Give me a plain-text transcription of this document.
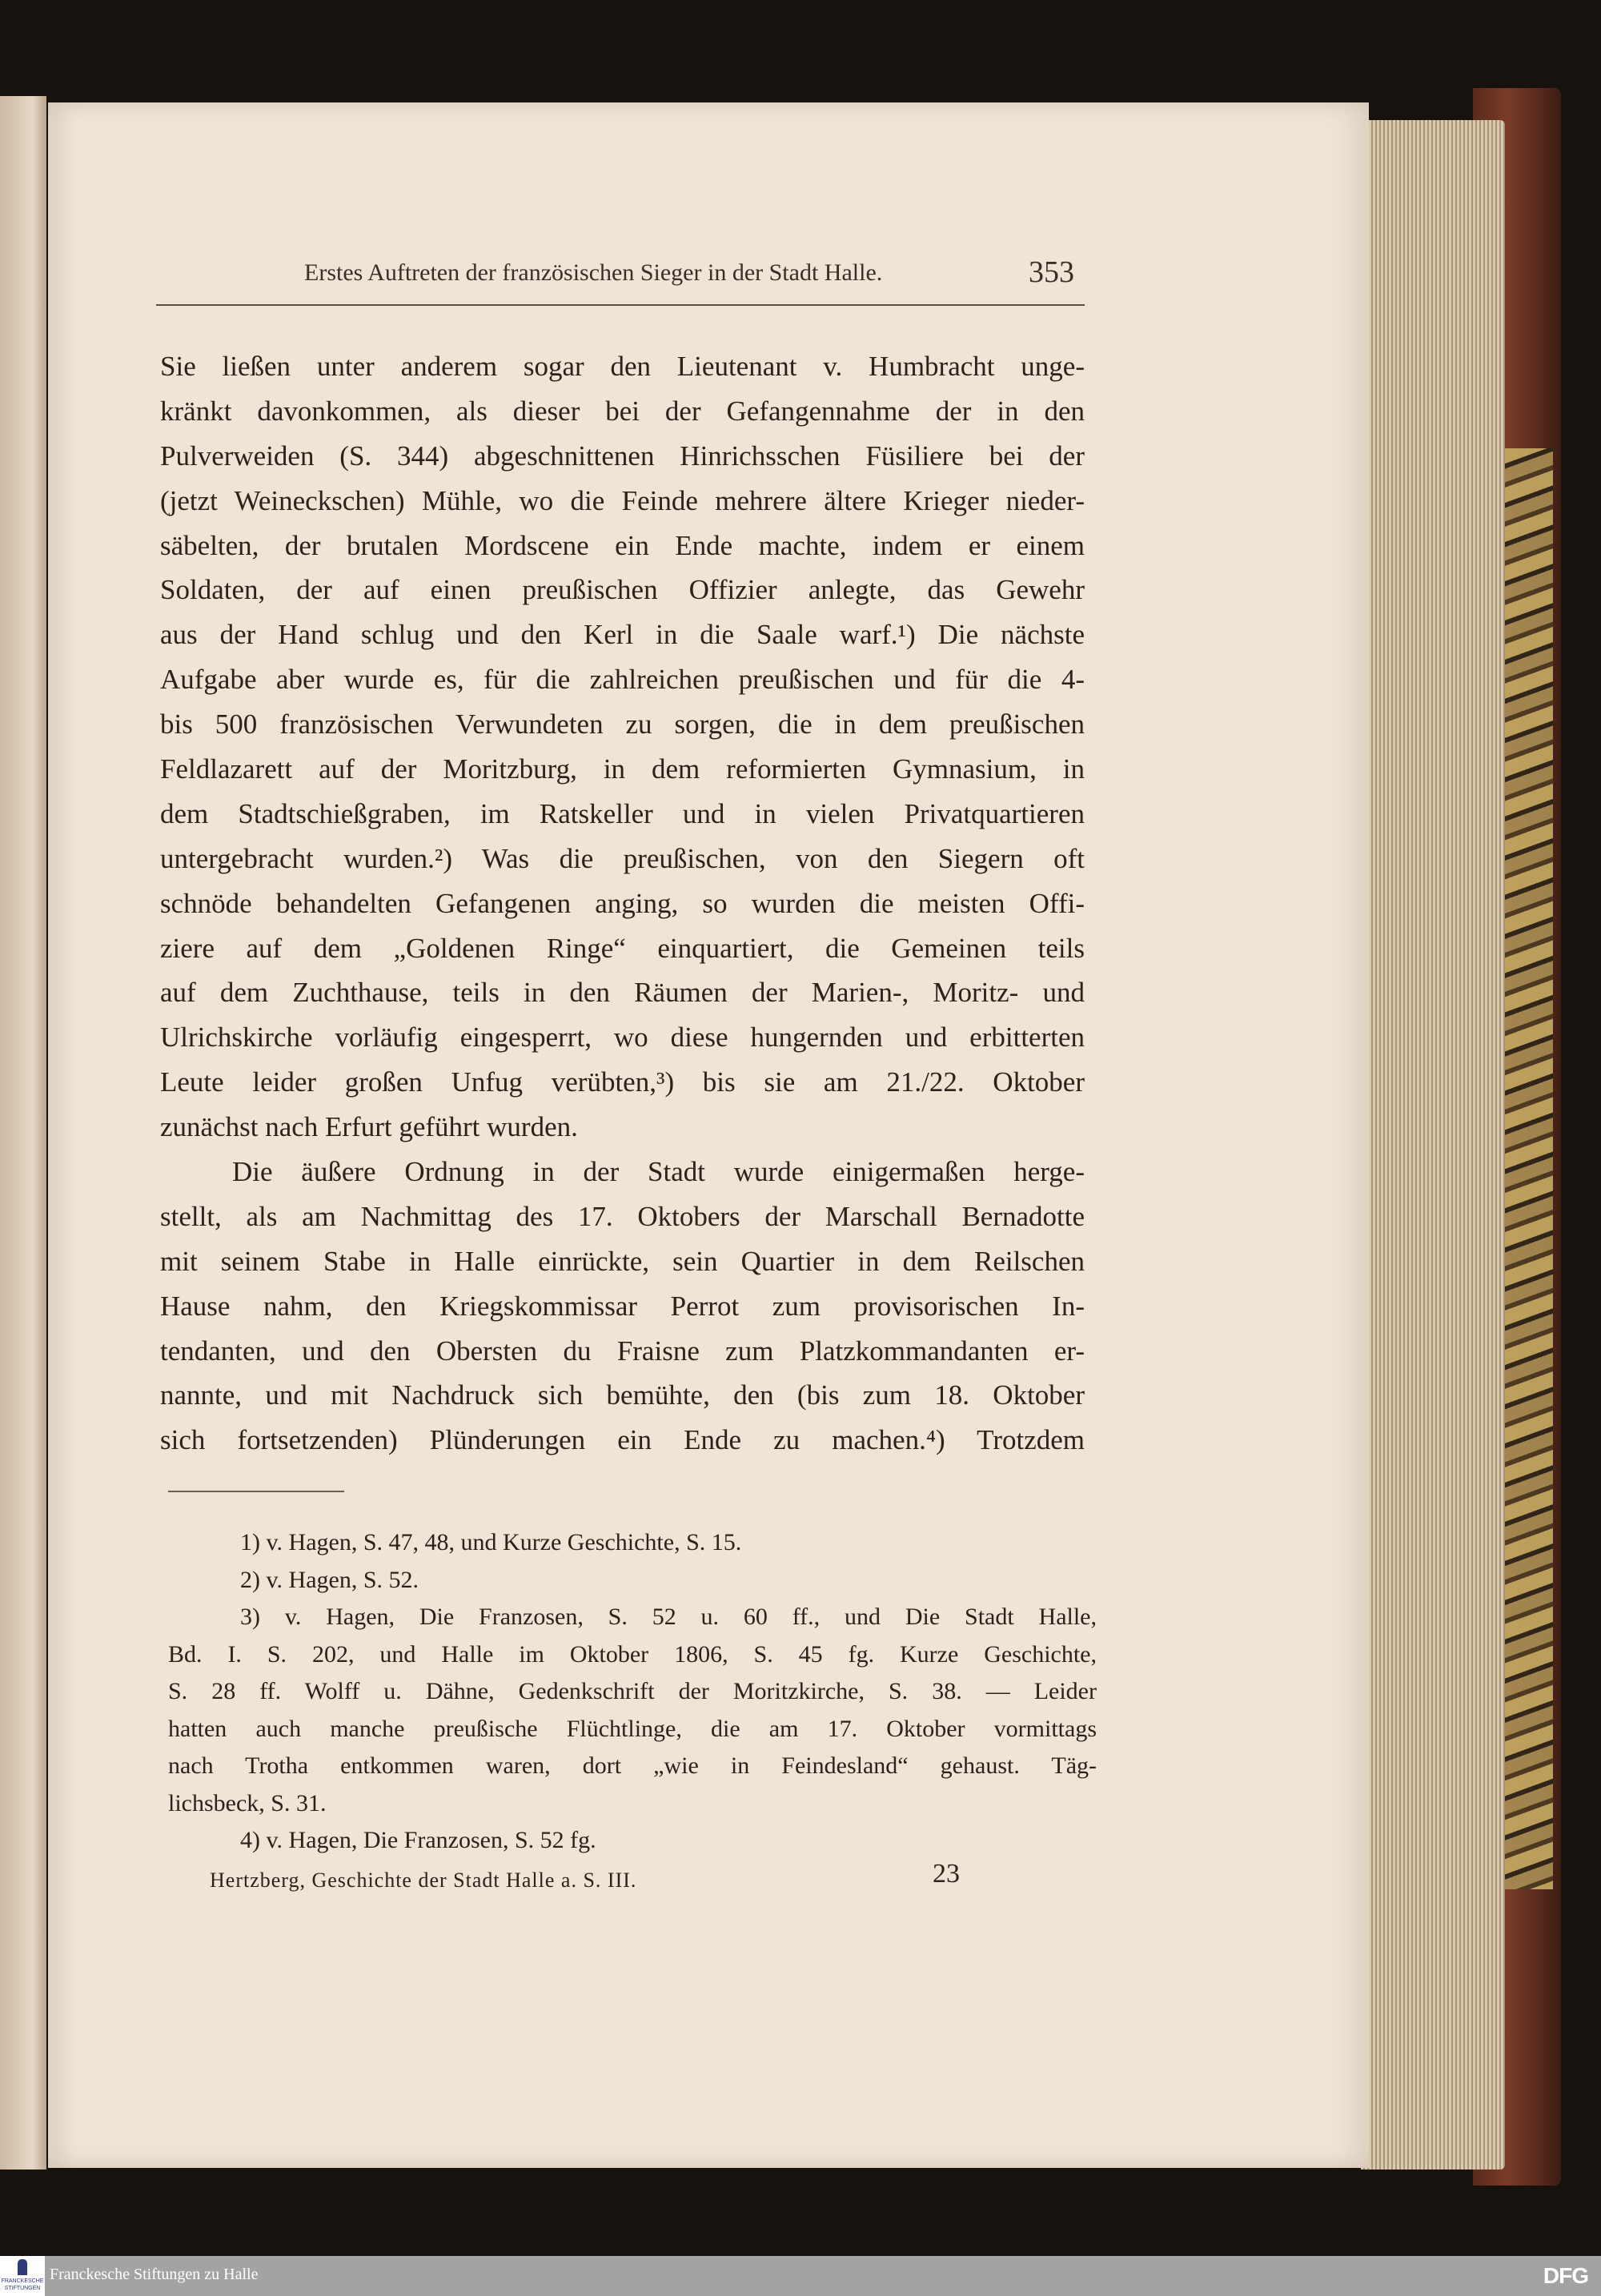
Erstes Auftreten der französischen Sieger in der Stadt Halle.	353
Sie ließen unter anderem sogar den Lieutenant v. Humbracht unge-
kränkt davonkommen, als dieser bei der Gefangennahme der in den
Pulverweiden (S. 344) abgeschnittenen Hinrichsschen Füsiliere bei der
(jetzt Weineckschen) Mühle, wo die Feinde mehrere ältere Krieger nieder-
säbelten, der brutalen Mordscene ein Ende machte, indem er einem
Soldaten, der auf einen preußischen Offizier anlegte, das Gewehr
aus der Hand schlug und den Kerl in die Saale warf.¹) Die nächste
Aufgabe aber wurde es, für die zahlreichen preußischen und für die 4-
bis 500 französischen Verwundeten zu sorgen, die in dem preußischen
Feldlazarett auf der Moritzburg, in dem reformierten Gymnasium, in
dem Stadtschießgraben, im Ratskeller und in vielen Privatquartieren
untergebracht wurden.²) Was die preußischen, von den Siegern oft
schnöde behandelten Gefangenen anging, so wurden die meisten Offi-
ziere auf dem „Goldenen Ringe“ einquartiert, die Gemeinen teils
auf dem Zuchthause, teils in den Räumen der Marien-, Moritz- und
Ulrichskirche vorläufig eingesperrt, wo diese hungernden und erbitterten
Leute leider großen Unfug verübten,³) bis sie am 21./22. Oktober
zunächst nach Erfurt geführt wurden.
Die äußere Ordnung in der Stadt wurde einigermaßen herge-
stellt, als am Nachmittag des 17. Oktobers der Marschall Bernadotte
mit seinem Stabe in Halle einrückte, sein Quartier in dem Reilschen
Hause nahm, den Kriegskommissar Perrot zum provisorischen In-
tendanten, und den Obersten du Fraisne zum Platzkommandanten er-
nannte, und mit Nachdruck sich bemühte, den (bis zum 18. Oktober
sich fortsetzenden) Plünderungen ein Ende zu machen.⁴) Trotzdem
1) v. Hagen, S. 47, 48, und Kurze Geschichte, S. 15.
2) v. Hagen, S. 52.
3) v. Hagen, Die Franzosen, S. 52 u. 60 ff., und Die Stadt Halle,
Bd. I. S. 202, und Halle im Oktober 1806, S. 45 fg. Kurze Geschichte,
S. 28 ff. Wolff u. Dähne, Gedenkschrift der Moritzkirche, S. 38. — Leider
hatten auch manche preußische Flüchtlinge, die am 17. Oktober vormittags
nach Trotha entkommen waren, dort „wie in Feindesland“ gehaust. Täg-
lichsbeck, S. 31.
4) v. Hagen, Die Franzosen, S. 52 fg.
Hertzberg, Geschichte der Stadt Halle a. S. III.	23
FRANCKESCHE STIFTUNGEN
Franckesche Stiftungen zu Halle	DFG
